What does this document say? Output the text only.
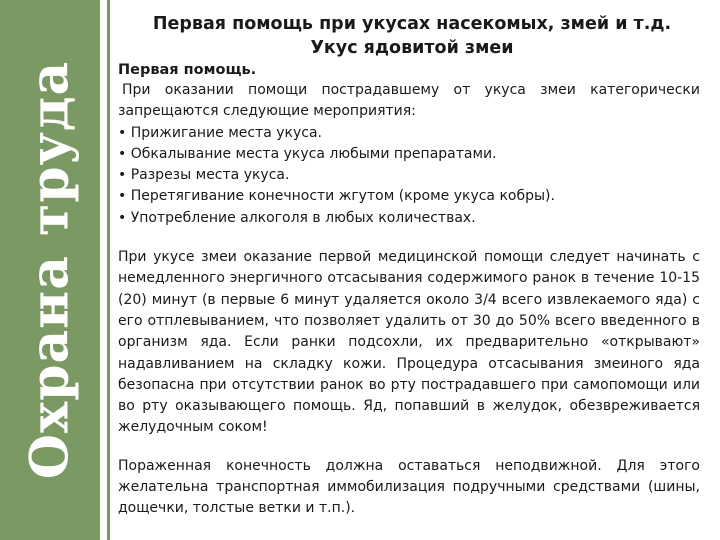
Охрана труда
Первая помощь при укусах насекомых, змей и т.д.
Укус ядовитой змеи
Первая помощь.

При оказании помощи пострадавшему от укуса змеи категорически запрещаются следующие мероприятия:

• Прижигание места укуса.
• Обкалывание места укуса любыми препаратами.
• Разрезы места укуса.
• Перетягивание конечности жгутом (кроме укуса кобры).
• Употребление алкоголя в любых количествах.

При укусе змеи оказание первой медицинской помощи следует начинать с немедленного энергичного отсасывания содержимого ранок в течение 10-15 (20) минут (в первые 6 минут удаляется около 3/4 всего извлекаемого яда) с его отплевыванием, что позволяет удалить от 30 до 50% всего введенного в организм яда. Если ранки подсохли, их предварительно «открывают» надавливанием на складку кожи. Процедура отсасывания змеиного яда безопасна при отсутствии ранок во рту пострадавшего при самопомощи или во рту оказывающего помощь. Яд, попавший в желудок, обезвреживается желудочным соком!

Пораженная конечность должна оставаться неподвижной. Для этого желательна транспортная иммобилизация подручными средствами (шины, дощечки, толстые ветки и т.п.).
